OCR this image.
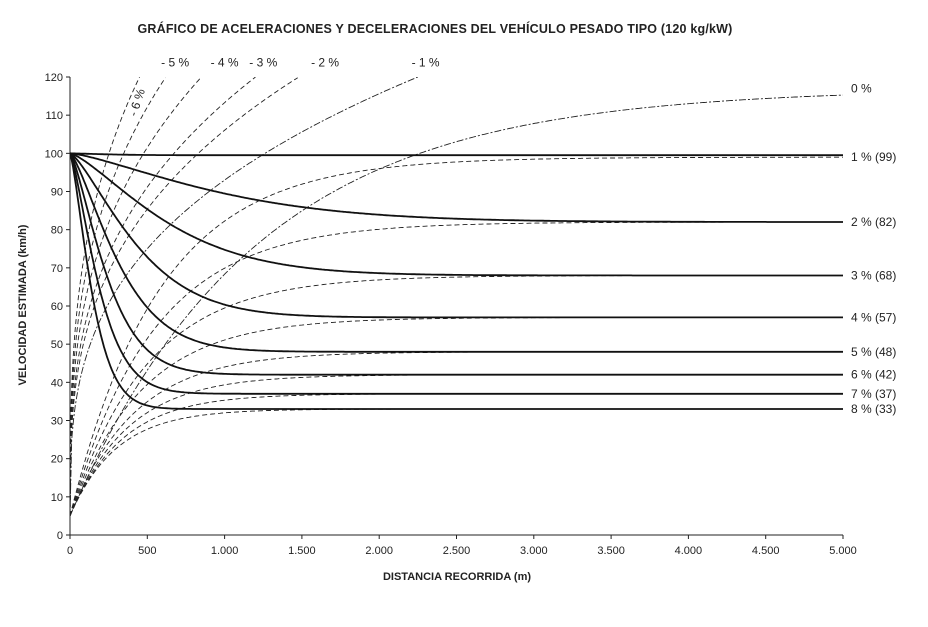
GRÁFICO DE ACELERACIONES Y DECELERACIONES DEL VEHÍCULO PESADO TIPO (120 kg/kW)
DISTANCIA RECORRIDA (m)
VELOCIDAD ESTIMADA (km/h)
0	500	1.000	1.500	2.000	2.500	3.000	3.500	4.000	4.500	5.000
0
10
20
30
40
50
60
70
80
90
100
110
120
- 6 %
- 5 % - 4 % - 3 %	- 2 %	- 1 %
0 %
1 % (99)
2 % (82)
3 % (68)
4 % (57)
5 % (48)
6 % (42)
7 % (37)
8 % (33)
